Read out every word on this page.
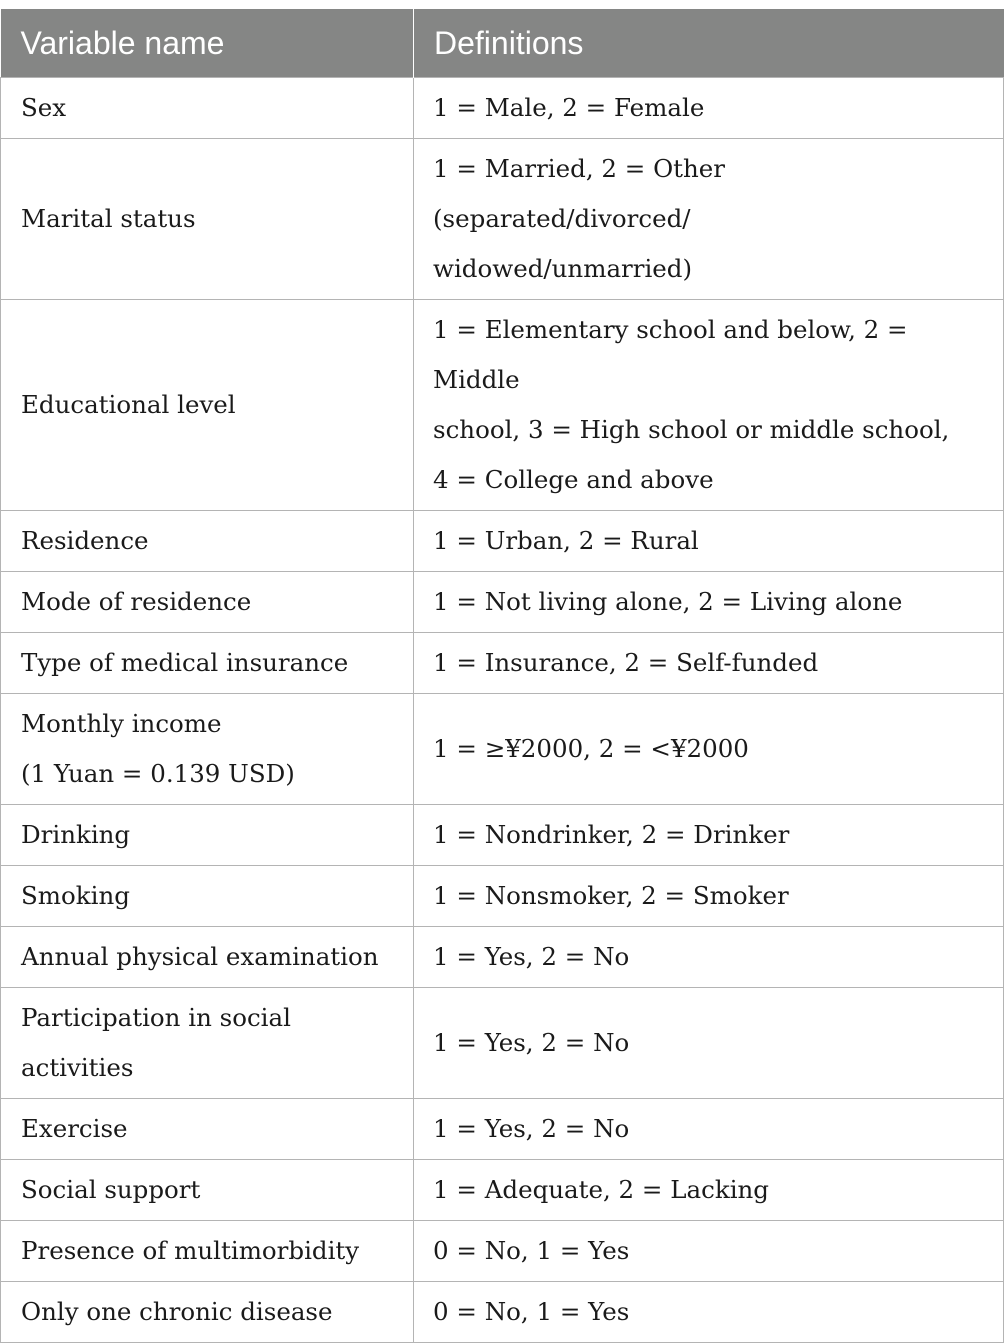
Variable name	Definitions

Sex	1 = Male, 2 = Female

Marital status	1 = Married, 2 = Other (separated/divorced/
widowed/unmarried)

Educational level	1 = Elementary school and below, 2 = Middle
school, 3 = High school or middle school,
4 = College and above

Residence	1 = Urban, 2 = Rural

Mode of residence	1 = Not living alone, 2 = Living alone

Type of medical insurance	1 = Insurance, 2 = Self-funded

Monthly income
(1 Yuan = 0.139 USD)	1 = ≥¥2000, 2 = <¥2000

Drinking	1 = Nondrinker, 2 = Drinker

Smoking	1 = Nonsmoker, 2 = Smoker

Annual physical examination	1 = Yes, 2 = No

Participation in social activities	1 = Yes, 2 = No

Exercise	1 = Yes, 2 = No

Social support	1 = Adequate, 2 = Lacking

Presence of multimorbidity	0 = No, 1 = Yes

Only one chronic disease	0 = No, 1 = Yes
